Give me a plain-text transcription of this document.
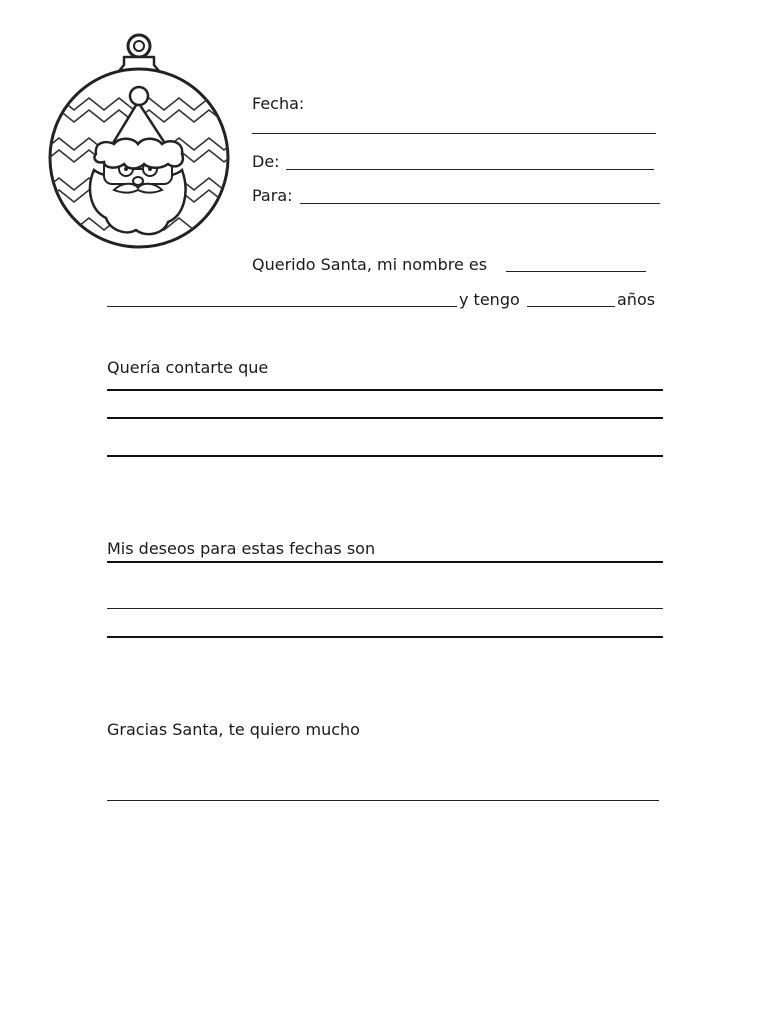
Fecha:
De:
Para:
Querido Santa, mi nombre es
y tengo	años
Quería contarte que
Mis deseos para estas fechas son
Gracias Santa, te quiero mucho
